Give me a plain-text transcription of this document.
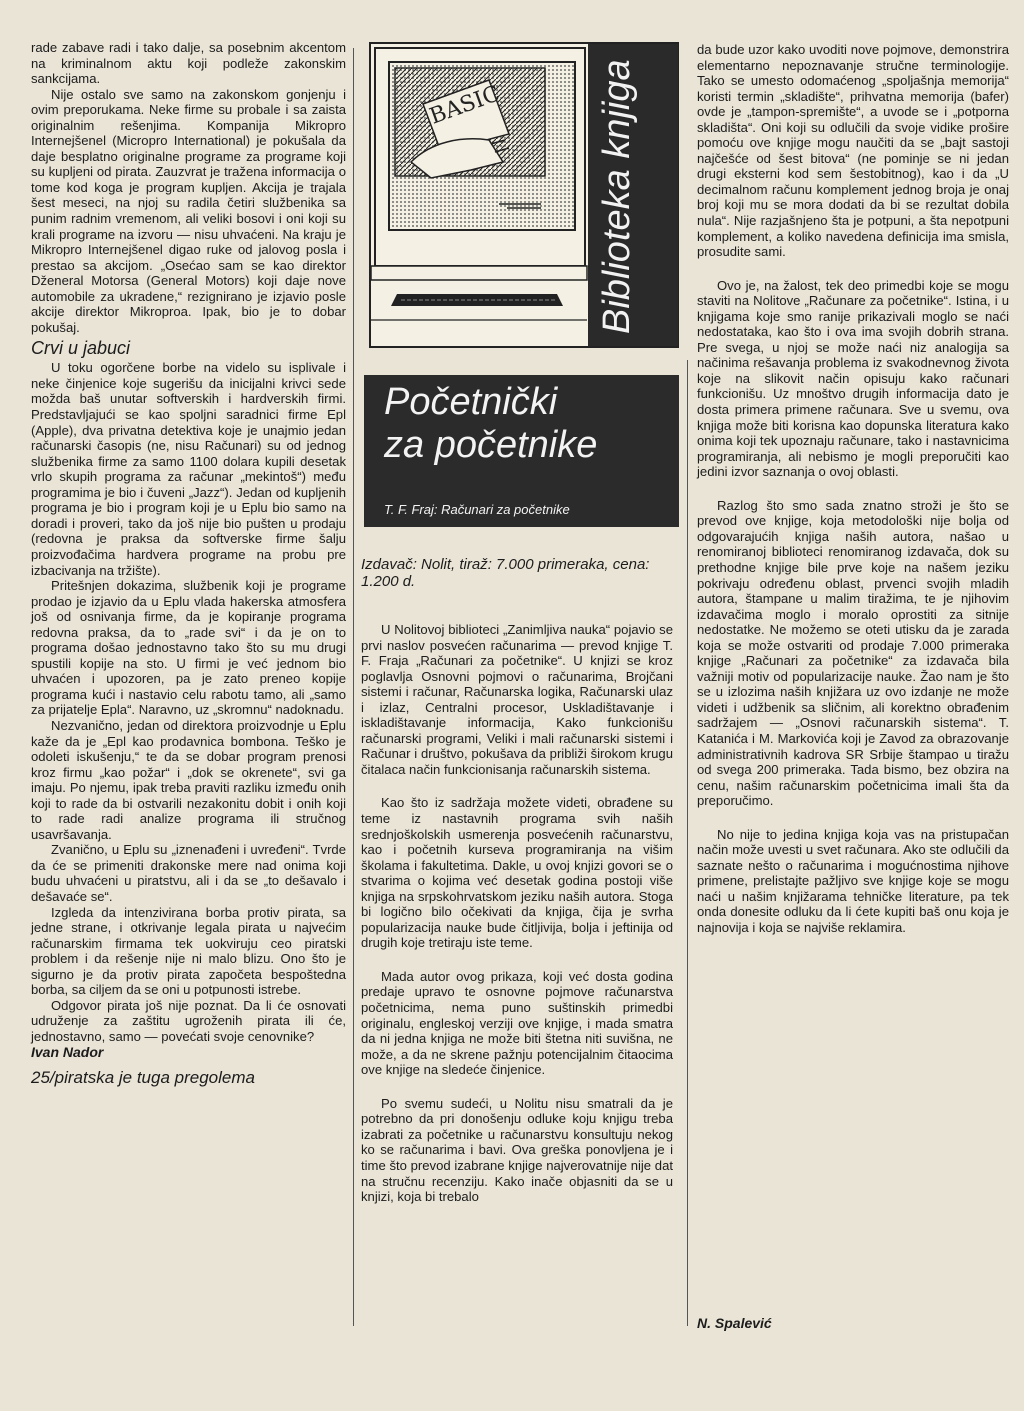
rade zabave radi i tako dalje, sa posebnim akcentom na kriminalnom aktu koji podleže zakonskim sankcijama.

Nije ostalo sve samo na zakonskom gonjenju i ovim preporukama. Neke firme su probale i sa zaista originalnim rešenjima. Kompanija Mikropro Internejšenel (Micropro International) je pokušala da daje besplatno originalne programe za programe koji su kupljeni od pirata. Zauzvrat je tražena informacija o tome kod koga je program kupljen. Akcija je trajala šest meseci, na njoj su radila četiri službenika sa punim radnim vremenom, ali veliki bosovi i oni koji su krali programe na izvoru — nisu uhvaćeni. Na kraju je Mikropro Internejšenel digao ruke od jalovog posla i prestao sa akcijom. „Osećao sam se kao direktor Dženeral Motorsa (General Motors) koji daje nove automobile za ukradene,“ rezignirano je izjavio posle akcije direktor Mikroproa. Ipak, bio je to dobar pokušaj.

Crvi u jabuci

U toku ogorčene borbe na videlo su isplivale i neke činjenice koje sugerišu da inicijalni krivci sede možda baš unutar softverskih i hardverskih firmi. Predstavljajući se kao spoljni saradnici firme Epl (Apple), dva privatna detektiva koje je unajmio jedan računarski časopis (ne, nisu Računari) su od jednog službenika firme za samo 1100 dolara kupili desetak vrlo skupih programa za računar „mekintoš“) među programima je bio i čuveni „Jazz“). Jedan od kupljenih programa je bio i program koji je u Eplu bio samo na doradi i proveri, tako da još nije bio pušten u prodaju (redovna je praksa da softverske firme šalju proizvođačima hardvera programe na probu pre izbacivanja na tržište).

Pritešnjen dokazima, službenik koji je programe prodao je izjavio da u Eplu vlada hakerska atmosfera još od osnivanja firme, da je kopiranje programa redovna praksa, da to „rade svi“ i da je on to programa došao jednostavno tako što su mu drugi spustili kopije na sto. U firmi je već jednom bio uhvaćen i upozoren, pa je zato preneo kopije programa kući i nastavio celu rabotu tamo, ali „samo za prijatelje Epla“. Naravno, uz „skromnu“ nadoknadu.

Nezvanično, jedan od direktora proizvodnje u Eplu kaže da je „Epl kao prodavnica bombona. Teško je odoleti iskušenju,“ te da se dobar program prenosi kroz firmu „kao požar“ i „dok se okrenete“, svi ga imaju. Po njemu, ipak treba praviti razliku između onih koji to rade da bi ostvarili nezakonitu dobit i onih koji to rade radi analize programa ili stručnog usavršavanja.

Zvanično, u Eplu su „iznenađeni i uvređeni“. Tvrde da će se primeniti drakonske mere nad onima koji budu uhvaćeni u piratstvu, ali i da se „to dešavalo i dešavaće se“.

Izgleda da intenzivirana borba protiv pirata, sa jedne strane, i otkrivanje legala pirata u najvećim računarskim firmama tek uokviruju ceo piratski problem i da rešenje nije ni malo blizu. Ono što je sigurno je da protiv pirata započeta bespoštedna borba, sa ciljem da se oni u potpunosti istrebe.

Odgovor pirata još nije poznat. Da li će osnovati udruženje za zaštitu ugroženih pirata ili će, jednostavno, samo — povećati svoje cenovnike?

Ivan Nador
25/piratska je tuga pregolema
BASIC Biblioteka knjiga
Početnički
za početnike
T. F. Fraj: Računari za početnike
Izdavač: Nolit, tiraž: 7.000 primeraka, cena: 1.200 d.

U Nolitovoj biblioteci „Zanimljiva nauka“ pojavio se prvi naslov posvećen računarima — prevod knjige T. F. Fraja „Računari za početnike“. U knjizi se kroz poglavlja Osnovni pojmovi o računarima, Brojčani sistemi i računar, Računarska logika, Računarski ulaz i izlaz, Centralni procesor, Uskladištavanje i iskladištavanje informacija, Kako funkcionišu računarski programi, Veliki i mali računarski sistemi i Računar i društvo, pokušava da približi širokom krugu čitalaca način funkcionisanja računarskih sistema.

Kao što iz sadržaja možete videti, obrađene su teme iz nastavnih programa svih naših srednjoškolskih usmerenja posvećenih računarstvu, kao i početnih kurseva programiranja na višim školama i fakultetima. Dakle, u ovoj knjizi govori se o stvarima o kojima već desetak godina postoji više knjiga na srpskohrvatskom jeziku naših autora. Stoga bi logično bilo očekivati da knjiga, čija je svrha popularizacija nauke bude čitljivija, bolja i jeftinija od drugih koje tretiraju iste teme.

Mada autor ovog prikaza, koji već dosta godina predaje upravo te osnovne pojmove računarstva početnicima, nema puno suštinskih primedbi originalu, engleskoj verziji ove knjige, i mada smatra da ni jedna knjiga ne može biti štetna niti suvišna, ne može, a da ne skrene pažnju potencijalnim čitaocima ove knjige na sledeće činjenice.

Po svemu sudeći, u Nolitu nisu smatrali da je potrebno da pri donošenju odluke koju knjigu treba izabrati za početnike u računarstvu konsultuju nekog ko se računarima i bavi. Ova greška ponovljena je i time što prevod izabrane knjige najverovatnije nije dat na stručnu recenziju. Kako inače objasniti da se u knjizi, koja bi trebalo

da bude uzor kako uvoditi nove pojmove, demonstrira elementarno nepoznavanje stručne terminologije. Tako se umesto odomaćenog „spoljašnja memorija“ koristi termin „skladište“, prihvatna memorija (bafer) ovde je „tampon-spremište“, a uvode se i „potporna skladišta“. Oni koji su odlučili da svoje vidike prošire pomoću ove knjige mogu naučiti da se „bajt sastoji najčešće od šest bitova“ (ne pominje se ni jedan drugi eksterni kod sem šestobitnog), kao i da „U decimalnom računu komplement jednog broja je onaj broj koji mu se mora dodati da bi se rezultat dobila nula“. Nije razjašnjeno šta je potpuni, a šta nepotpuni komplement, a koliko navedena definicija ima smisla, prosudite sami.

Ovo je, na žalost, tek deo primedbi koje se mogu staviti na Nolitove „Računare za početnike“. Istina, i u knjigama koje smo ranije prikazivali moglo se naći nedostataka, kao što i ova ima svojih dobrih strana. Pre svega, u njoj se može naći niz analogija sa načinima rešavanja problema iz svakodnevnog života koje na slikovit način opisuju kako računari funkcionišu. Uz mnoštvo drugih informacija dato je dosta primera primene računara. Sve u svemu, ova knjiga može biti korisna kao dopunska literatura kako onima koji tek upoznaju računare, tako i nastavnicima programiranja, ali nebismo je mogli preporučiti kao jedini izvor saznanja o ovoj oblasti.

Razlog što smo sada znatno stroži je što se prevod ove knjige, koja metodološki nije bolja od odgovarajućih knjiga naših autora, našao u renomiranoj biblioteci renomiranog izdavača, dok su prethodne knjige bile prve koje na našem jeziku pokrivaju određenu oblast, prvenci svojih mladih autora, štampane u malim tiražima, te je njihovim izdavačima moglo i moralo oprostiti za sitnije nedostatke. Ne možemo se oteti utisku da je zarada koja se može ostvariti od prodaje 7.000 primeraka knjige „Računari za početnike“ za izdavača bila važniji motiv od popularizacije nauke. Žao nam je što se u izlozima naših knjižara uz ovo izdanje ne može videti i udžbenik sa sličnim, ali korektno obrađenim sadržajem — „Osnovi računarskih sistema“. T. Katanića i M. Markovića koji je Zavod za obrazovanje administrativnih kadrova SR Srbije štampao u tiražu od svega 200 primeraka. Tada bismo, bez obzira na cenu, našim računarskim početnicima imali šta da preporučimo.

No nije to jedina knjiga koja vas na pristupačan način može uvesti u svet računara. Ako ste odlučili da saznate nešto o računarima i mogućnostima njihove primene, prelistajte pažljivo sve knjige koje se mogu naći u našim knjižarama tehničke literature, pa tek onda donesite odluku da li ćete kupiti baš onu koja je najnovija i koja se najviše reklamira.

N. Spalević
